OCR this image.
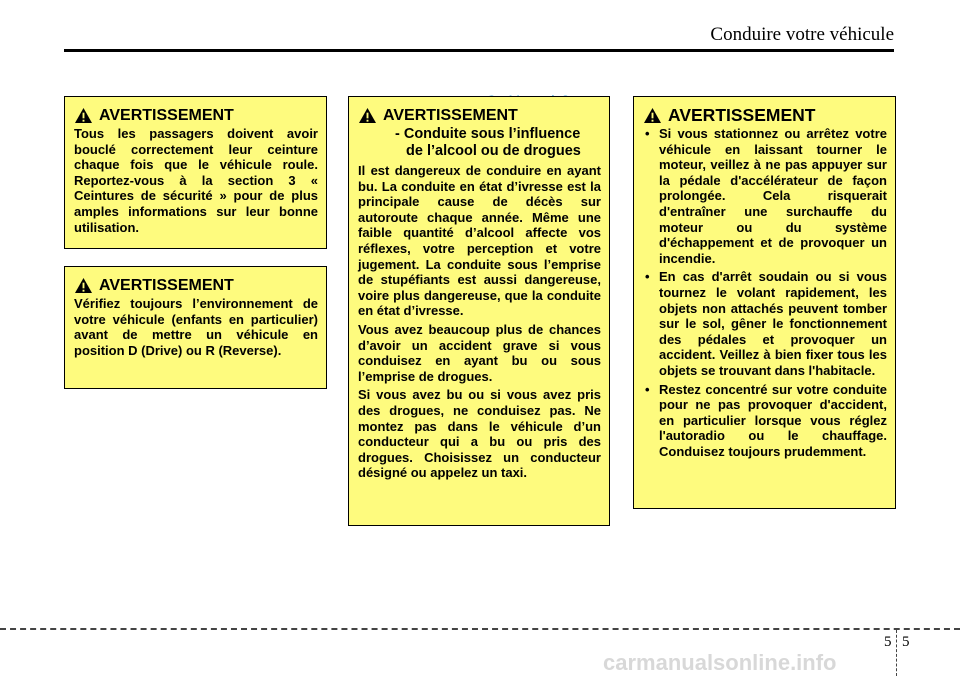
Conduire votre véhicule
AVERTISSEMENT

Tous les passagers doivent avoir bouclé correctement leur ceinture chaque fois que le véhicule roule. Reportez-vous à la section 3 « Ceintures de sécurité » pour de plus amples informations sur leur bonne utilisation.

AVERTISSEMENT

Vérifiez toujours l’environnement de votre véhicule (enfants en particulier) avant de mettre un véhicule en position D (Drive) ou R (Reverse).

AVERTISSEMENT
- Conduite sous l’influence
de l’alcool ou de drogues

Il est dangereux de conduire en ayant bu. La conduite en état d’ivresse est la principale cause de décès sur autoroute chaque année. Même une faible quantité d’alcool affecte vos réflexes, votre perception et votre jugement. La conduite sous l’emprise de stupéfiants est aussi dangereuse, voire plus dangereuse, que la conduite en état d’ivresse.

Vous avez beaucoup plus de chances d’avoir un accident grave si vous conduisez en ayant bu ou sous l’emprise de drogues.

Si vous avez bu ou si vous avez pris des drogues, ne conduisez pas. Ne montez pas dans le véhicule d’un conducteur qui a bu ou pris des drogues. Choisissez un conducteur désigné ou appelez un taxi.

AVERTISSEMENT
• Si vous stationnez ou arrêtez votre véhicule en laissant tourner le moteur, veillez à ne pas appuyer sur la pédale d'accélérateur de façon prolongée. Cela risquerait d'entraîner une surchauffe du moteur ou du système d'échappement et de provoquer un incendie.
• En cas d'arrêt soudain ou si vous tournez le volant rapidement, les objets non attachés peuvent tomber sur le sol, gêner le fonctionnement des pédales et provoquer un accident. Veillez à bien fixer tous les objets se trouvant dans l'habitacle.
• Restez concentré sur votre conduite pour ne pas provoquer d'accident, en particulier lorsque vous réglez l'autoradio ou le chauffage. Conduisez toujours prudemment.
5 5
carmanualsonline.info
